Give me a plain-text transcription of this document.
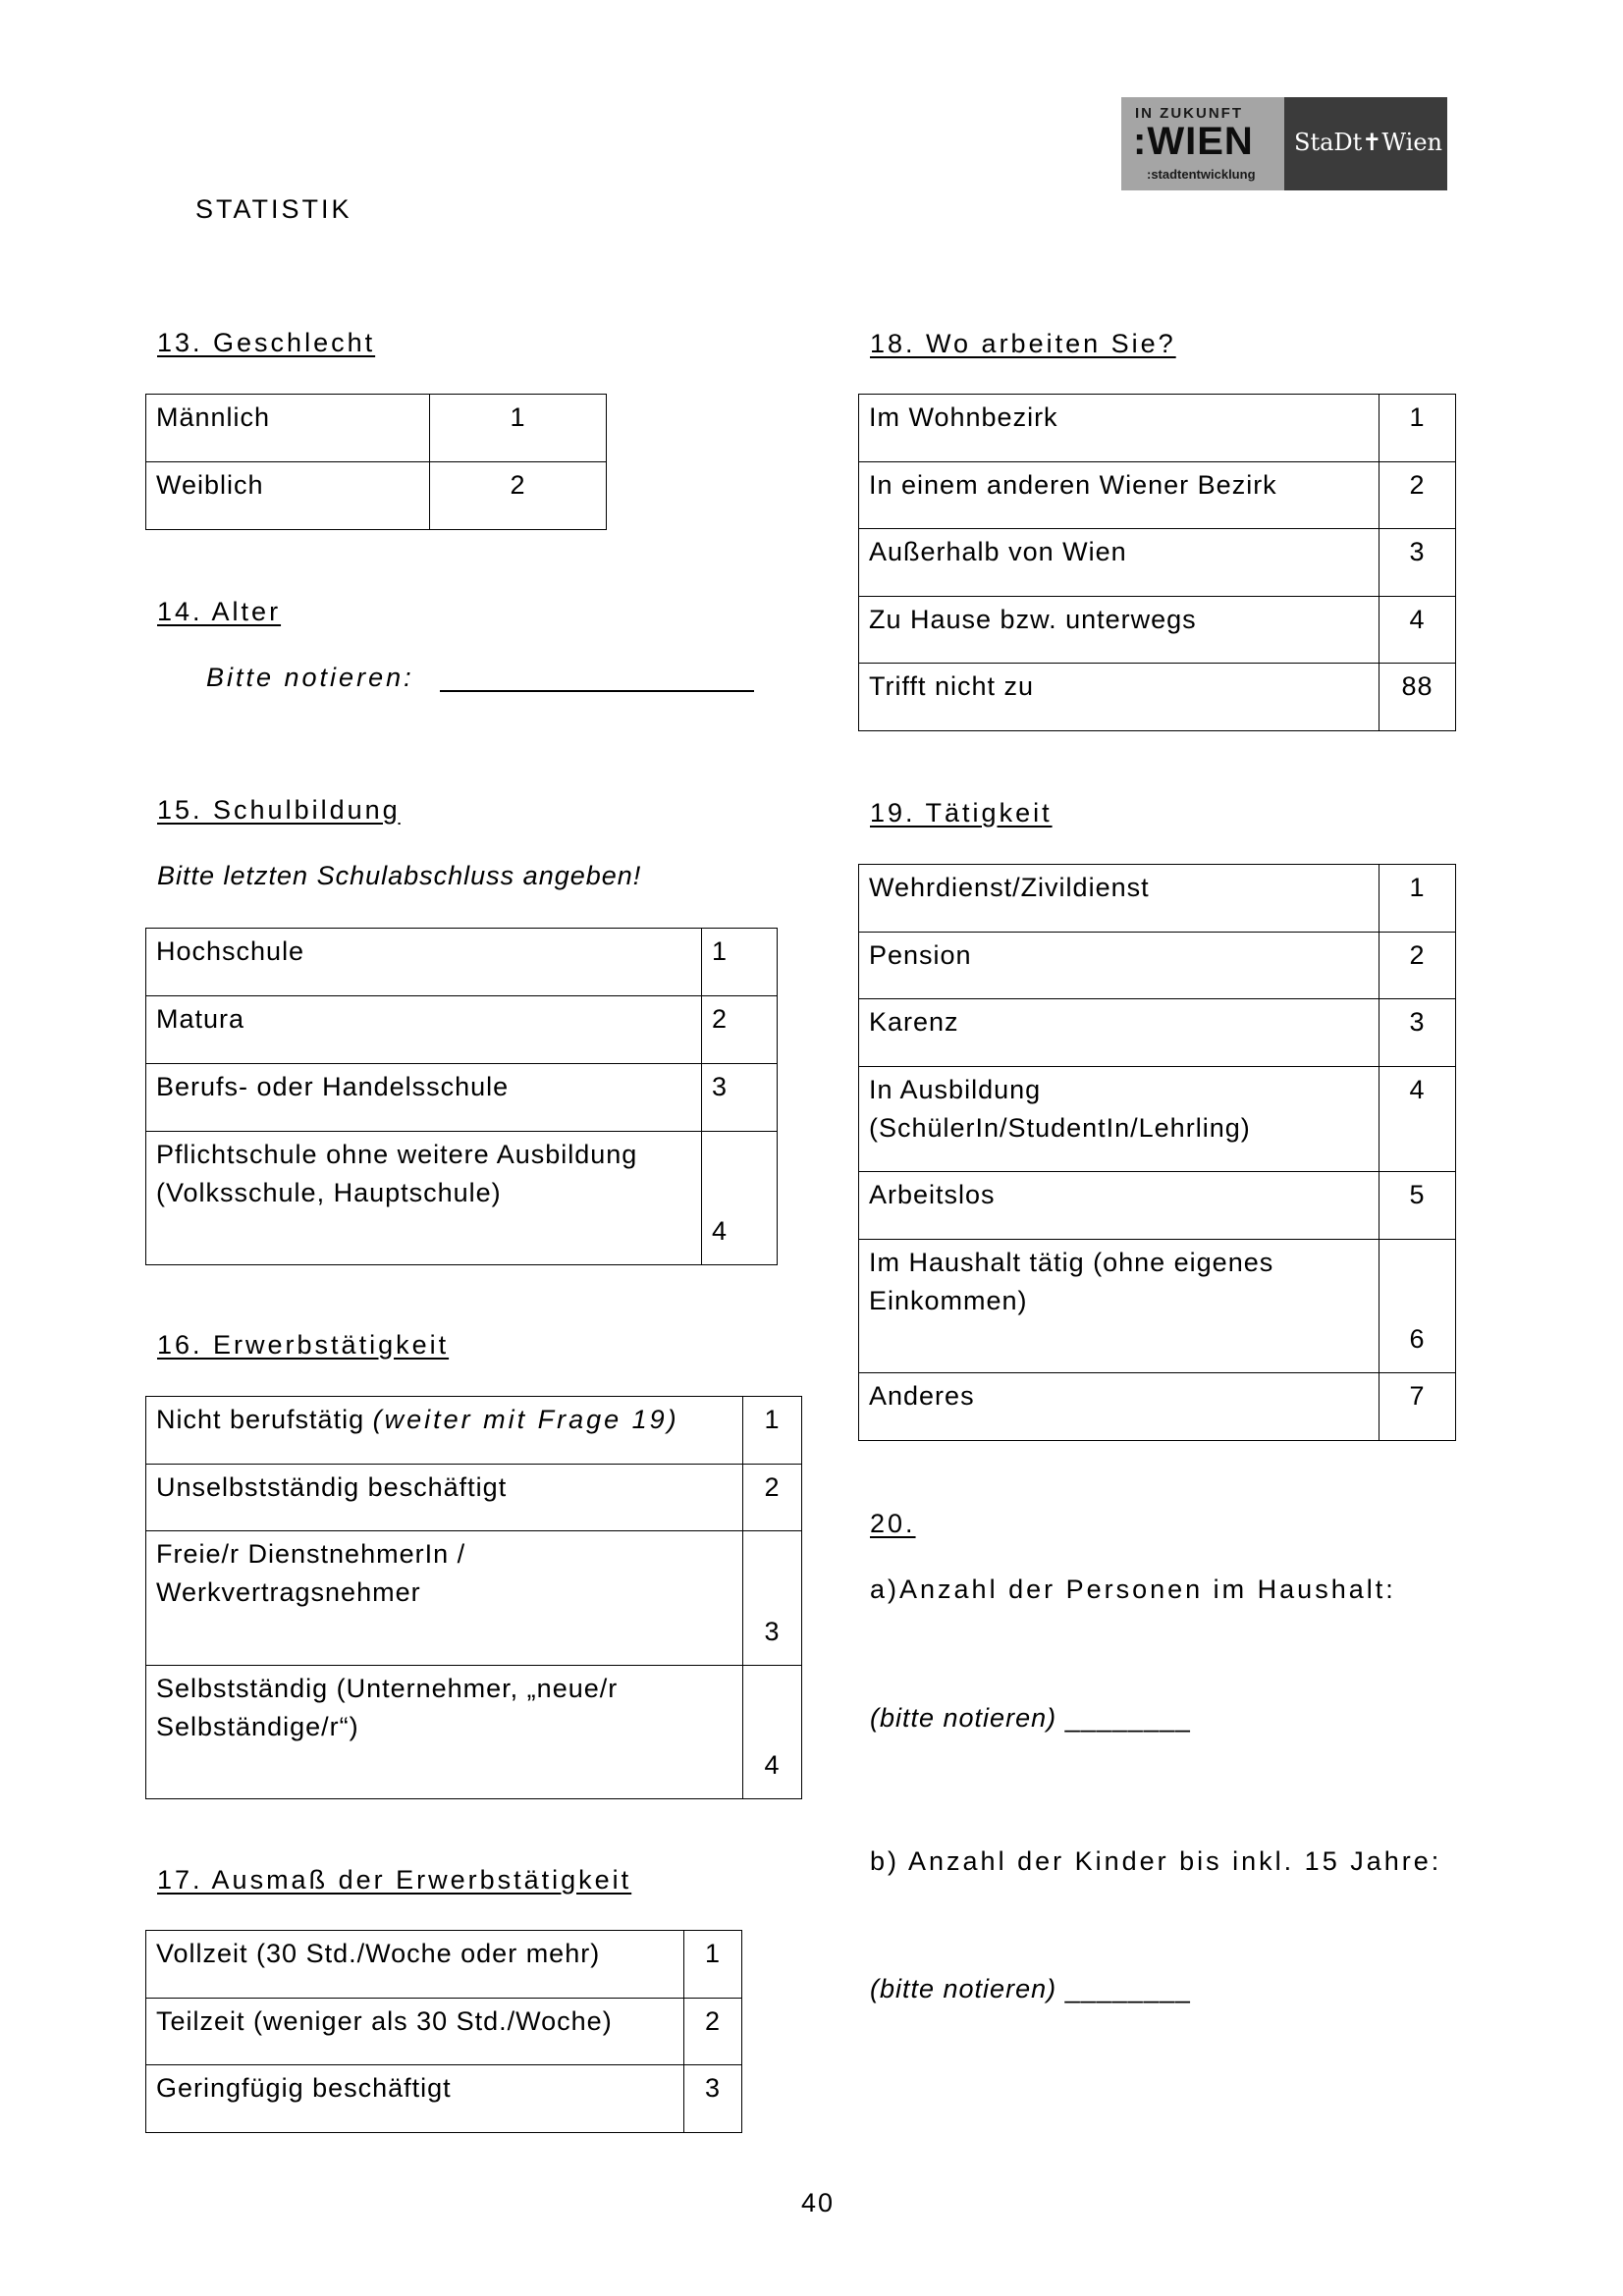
IN ZUKUNFT
:WIEN
:stadtentwicklung
StaDt✝Wien
STATISTIK
13. Geschlecht
Männlich	1
Weiblich	2
14. Alter
Bitte notieren:
15. Schulbildung
Bitte letzten Schulabschluss angeben!
Hochschule	1
Matura	2
Berufs- oder Handelsschule	3

Pflichtschule ohne weitere Ausbildung
(Volksschule, Hauptschule)	4
16. Erwerbstätigkeit
Nicht berufstätig (weiter mit Frage 19)	1
Unselbstständig beschäftigt	2

Freie/r DienstnehmerIn /
Werkvertragsnehmer	3

Selbstständig (Unternehmer, „neue/r
Selbständige/r“)	4
17. Ausmaß der Erwerbstätigkeit
Vollzeit (30 Std./Woche oder mehr)	1
Teilzeit (weniger als 30 Std./Woche)	2
Geringfügig beschäftigt	3
18. Wo arbeiten Sie?
Im Wohnbezirk	1
In einem anderen Wiener Bezirk	2
Außerhalb von Wien	3
Zu Hause bzw. unterwegs	4
Trifft nicht zu	88
19. Tätigkeit
Wehrdienst/Zivildienst	1
Pension	2
Karenz	3

In Ausbildung
(SchülerIn/StudentIn/Lehrling)	4
Arbeitslos	5

Im Haushalt tätig (ohne eigenes
Einkommen)	6
Anderes	7
20.
a)Anzahl der Personen im Haushalt:
(bitte notieren) ________
b) Anzahl der Kinder bis inkl. 15 Jahre:
(bitte notieren) ________
40
